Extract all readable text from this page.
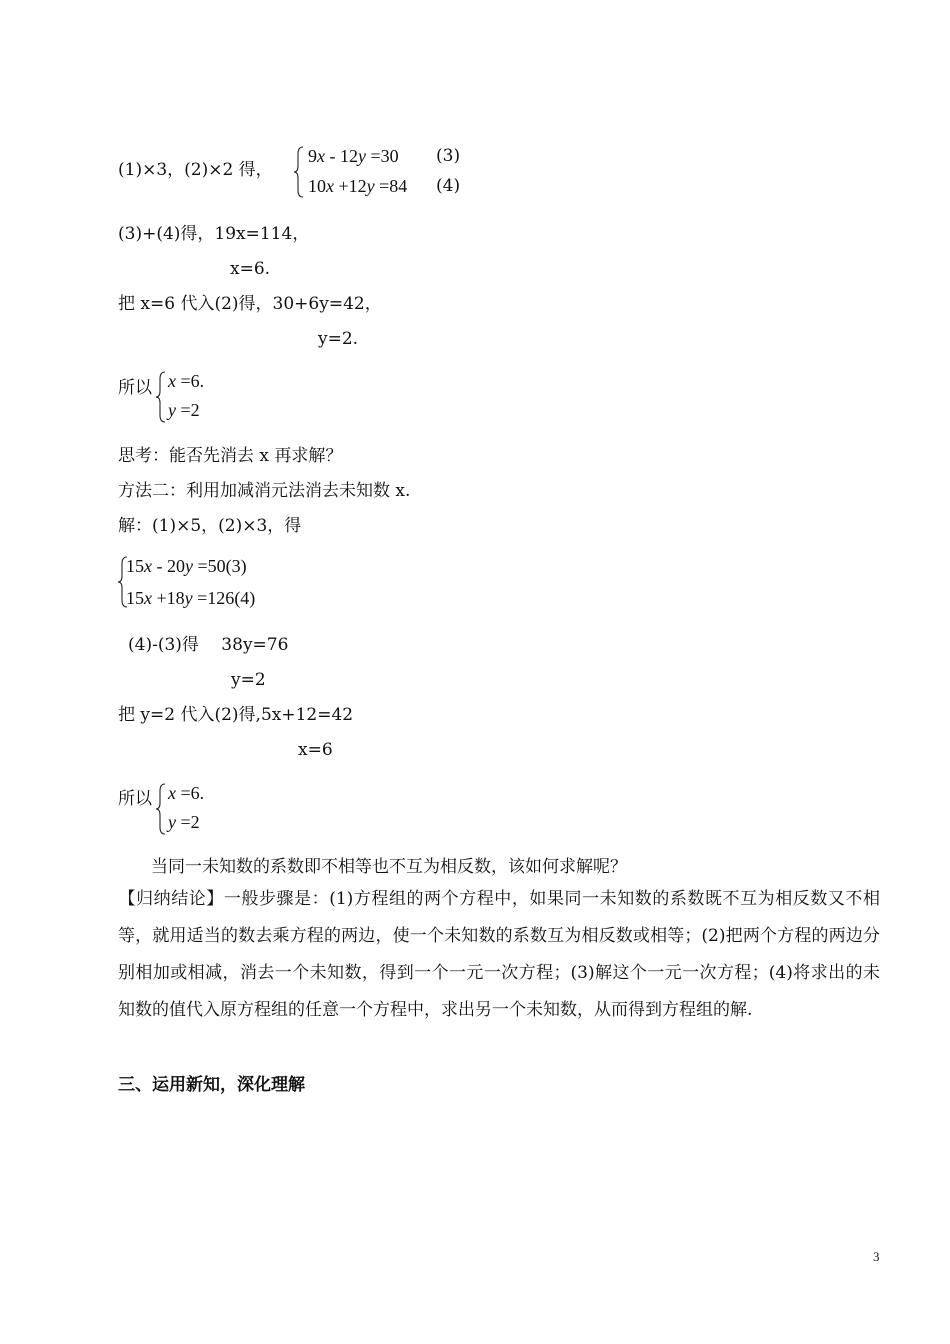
(1)×3，(2)×2 得，
9x - 12y =30 (3)
10x +12y =84 (4)
(3)+(4)得，19x=114，
x=6.
把 x=6 代入(2)得，30+6y=42，
y=2.
所以 x =6.
y =2
思考：能否先消去 x 再求解？
方法二：利用加减消元法消去未知数 x.
解：(1)×5，(2)×3，得
15x - 20y =50(3)
15x +18y =126(4)
(4)-(3)得　 38y=76
y=2
把 y=2 代入(2)得,5x+12=42
x=6
所以 x =6.
y =2
当同一未知数的系数即不相等也不互为相反数，该如何求解呢？
【归纳结论】一般步骤是：(1)方程组的两个方程中，如果同一未知数的系数既不互为相反数又不相等，就用适当的数去乘方程的两边，使一个未知数的系数互为相反数或相等；(2)把两个方程的两边分别相加或相减，消去一个未知数，得到一个一元一次方程；(3)解这个一元一次方程；(4)将求出的未知数的值代入原方程组的任意一个方程中，求出另一个未知数，从而得到方程组的解.
三、运用新知，深化理解
3
